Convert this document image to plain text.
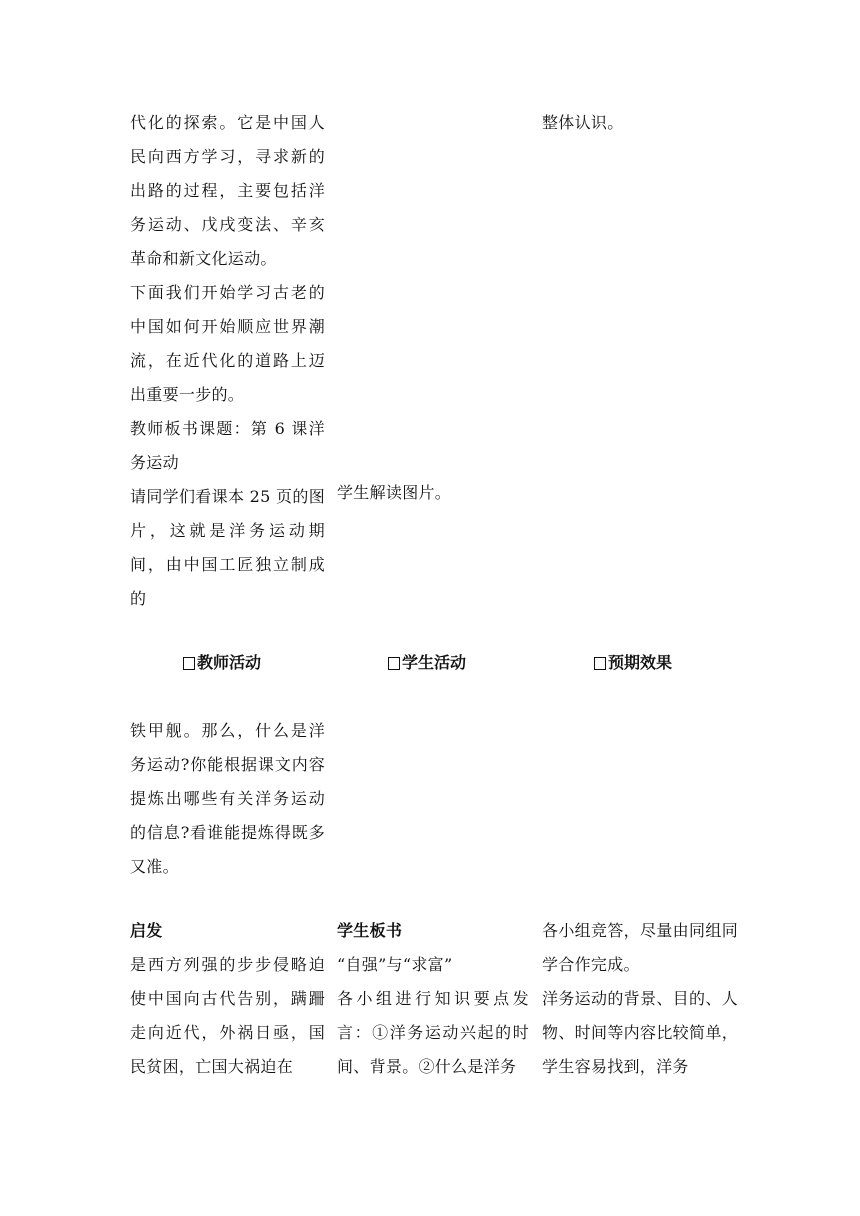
代化的探索。它是中国人民向西方学习，寻求新的出路的过程，主要包括洋务运动、戊戌变法、辛亥革命和新文化运动。

下面我们开始学习古老的中国如何开始顺应世界潮流，在近代化的道路上迈出重要一步的。

教师板书课题：第 6 课洋务运动

请同学们看课本 25 页的图片，这就是洋务运动期间，由中国工匠独立制成的

学生解读图片。

整体认识。

教师活动	学生活动	预期效果

铁甲舰。那么，什么是洋务运动?你能根据课文内容提炼出哪些有关洋务运动的信息?看谁能提炼得既多又准。

启发

是西方列强的步步侵略迫使中国向古代告别，蹒跚走向近代，外祸日亟，国民贫困，亡国大祸迫在

学生板书

“自强”与“求富”

各小组进行知识要点发言：①洋务运动兴起的时间、背景。②什么是洋务

各小组竞答，尽量由同组同学合作完成。

洋务运动的背景、目的、人物、时间等内容比较简单，学生容易找到，洋务
